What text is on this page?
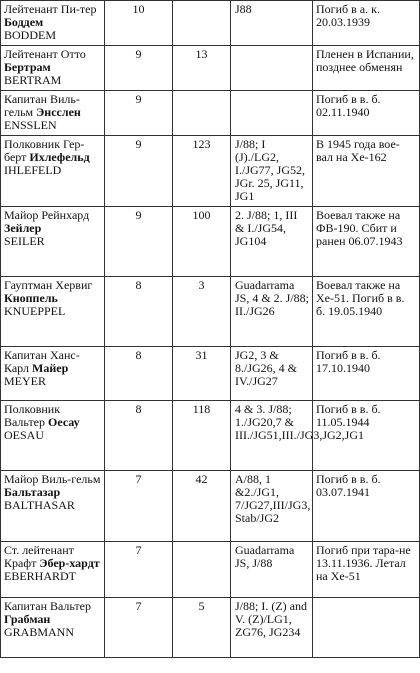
Лейтенант Пи-тер Боддем
BODDEM	10		J88	Погиб в а. к. 20.03.1939

Лейтенант Отто Бертрам
BERTRAM	9	13		Пленен в Испании, позднее обменян

Капитан Виль-гельм Энсслен
ENSSLEN	9			Погиб в в. б. 02.11.1940

Полковник Гер-берт Ихлефельд
IHLEFELD	9	123	J/88; I (J)./LG2, I./JG77, JG52, JGr. 25, JG11, JG1	В 1945 года вое-вал на Хе-162

Майор Рейнхард Зейлер
SEILER	9	100	2. J/88; 1, III & I./JG54, JG104	Воевал также на ФВ-190. Сбит и ранен 06.07.1943

Гауптман Хервиг Кноппель
KNUEPPEL	8	3	Guadarrama JS, 4 & 2. J/88; II./JG26	Воевал также на Хе-51. Погиб в в. б. 19.05.1940

Капитан Ханс-Карл Майер
MEYER	8	31	JG2, 3 & 8./JG26, 4 & IV./JG27	Погиб в в. б. 17.10.1940

Полковник Вальтер Оесау
OESAU	8	118	4 & 3. J/88; 1./JG20,7 & III./JG51,III./JG3,JG2,JG1	Погиб в в. б. 11.05.1944

Майор Виль-гельм Бальтазар
BALTHASAR	7	42	A/88, 1 &2./JG1, 7/JG27,III/JG3, Stab/JG2	Погиб в в. б. 03.07.1941

Ст. лейтенант Крафт Эбер-хардт
EBERHARDT	7		Guadarrama JS, J/88	Погиб при тара-не 13.11.1936. Летал на Хе-51

Капитан Вальтер Грабман
GRABMANN	7	5	J/88; I. (Z) and V. (Z)/LG1, ZG76, JG234	
